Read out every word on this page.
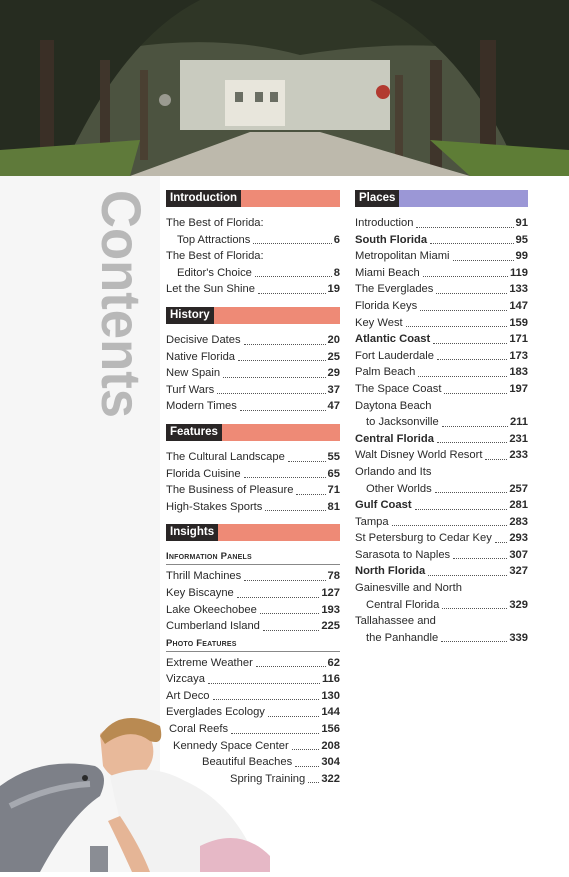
Contents	Introduction
The Best of Florida:
Top Attractions	6
The Best of Florida:
Editor's Choice	8
Let the Sun Shine	19
History
Decisive Dates	20
Native Florida	25
New Spain	29
Turf Wars	37
Modern Times	47
Features
The Cultural Landscape	55
Florida Cuisine	65
The Business of Pleasure	71
High-Stakes Sports	81
Insights
Information Panels
Thrill Machines	78
Key Biscayne	127
Lake Okeechobee	193
Cumberland Island	225
Photo Features
Extreme Weather	62
Vizcaya	116
Art Deco	130
Everglades Ecology	144
Coral Reefs	156
Kennedy Space Center	208
Beautiful Beaches	304
Spring Training 322
Places
Introduction	91
South Florida	95
Metropolitan Miami	99
Miami Beach	119
The Everglades	133
Florida Keys	147
Key West	159
Atlantic Coast	171
Fort Lauderdale	173
Palm Beach	183
The Space Coast	197
Daytona Beach
to Jacksonville	211
Central Florida	231
Walt Disney World Resort 233
Orlando and Its
Other Worlds	257
Gulf Coast	281
Tampa	283
St Petersburg to Cedar Key 293
Sarasota to Naples	307
North Florida	327
Gainesville and North
Central Florida	329
Tallahassee and
the Panhandle	339
